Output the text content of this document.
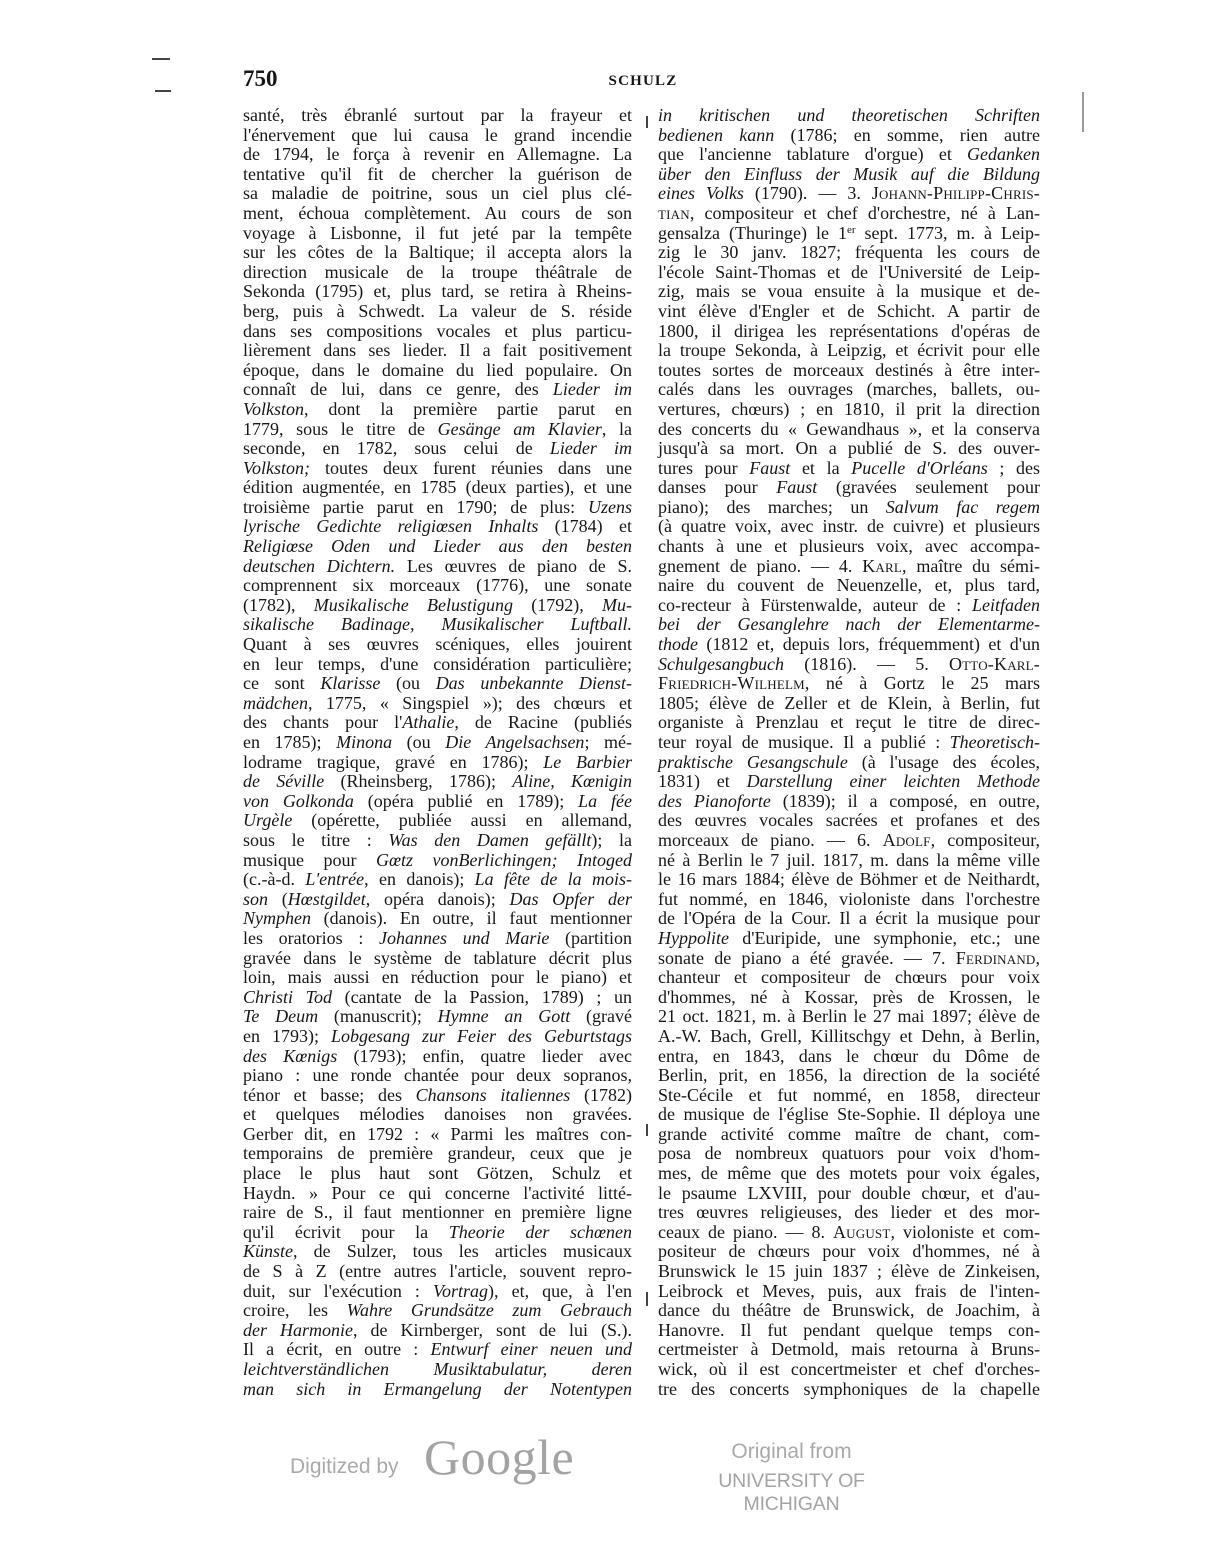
750	SCHULZ
santé, très ébranlé surtout par la frayeur et
l'énervement que lui causa le grand incendie
de 1794, le força à revenir en Allemagne. La
tentative qu'il fit de chercher la guérison de
sa maladie de poitrine, sous un ciel plus clé-
ment, échoua complètement. Au cours de son
voyage à Lisbonne, il fut jeté par la tempête
sur les côtes de la Baltique; il accepta alors la
direction musicale de la troupe théâtrale de
Sekonda (1795) et, plus tard, se retira à Rheins-
berg, puis à Schwedt. La valeur de S. réside
dans ses compositions vocales et plus particu-
lièrement dans ses lieder. Il a fait positivement
époque, dans le domaine du lied populaire. On
connaît de lui, dans ce genre, des Lieder im
Volkston, dont la première partie parut en
1779, sous le titre de Gesänge am Klavier, la
seconde, en 1782, sous celui de Lieder im
Volkston; toutes deux furent réunies dans une
édition augmentée, en 1785 (deux parties), et une
troisième partie parut en 1790; de plus: Uzens
lyrische Gedichte religiœsen Inhalts (1784) et
Religiœse Oden und Lieder aus den besten
deutschen Dichtern. Les œuvres de piano de S.
comprennent six morceaux (1776), une sonate
(1782), Musikalische Belustigung (1792), Mu-
sikalische Badinage, Musikalischer Luftball.
Quant à ses œuvres scéniques, elles jouirent
en leur temps, d'une considération particulière;
ce sont Klarisse (ou Das unbekannte Dienst-
mädchen, 1775, « Singspiel »); des chœurs et
des chants pour l'Athalie, de Racine (publiés
en 1785); Minona (ou Die Angelsachsen; mé-
lodrame tragique, gravé en 1786); Le Barbier
de Séville (Rheinsberg, 1786); Aline, Kœnigin
von Golkonda (opéra publié en 1789); La fée
Urgèle (opérette, publiée aussi en allemand,
sous le titre : Was den Damen gefällt); la
musique pour Gœtz vonBerlichingen; Intoged
(c.-à-d. L'entrée, en danois); La fête de la mois-
son (Hœstgildet, opéra danois); Das Opfer der
Nymphen (danois). En outre, il faut mentionner
les oratorios : Johannes und Marie (partition
gravée dans le système de tablature décrit plus
loin, mais aussi en réduction pour le piano) et
Christi Tod (cantate de la Passion, 1789) ; un
Te Deum (manuscrit); Hymne an Gott (gravé
en 1793); Lobgesang zur Feier des Geburtstags
des Kœnigs (1793); enfin, quatre lieder avec
piano : une ronde chantée pour deux sopranos,
ténor et basse; des Chansons italiennes (1782)
et quelques mélodies danoises non gravées.
Gerber dit, en 1792 : « Parmi les maîtres con-
temporains de première grandeur, ceux que je
place le plus haut sont Götzen, Schulz et
Haydn. » Pour ce qui concerne l'activité litté-
raire de S., il faut mentionner en première ligne
qu'il écrivit pour la Theorie der schœnen
Künste, de Sulzer, tous les articles musicaux
de S à Z (entre autres l'article, souvent repro-
duit, sur l'exécution : Vortrag), et, que, à l'en
croire, les Wahre Grundsätze zum Gebrauch
der Harmonie, de Kirnberger, sont de lui (S.).
Il a écrit, en outre : Entwurf einer neuen und
leichtverständlichen Musiktabulatur, deren
man sich in Ermangelung der Notentypen
in kritischen und theoretischen Schriften
bedienen kann (1786; en somme, rien autre
que l'ancienne tablature d'orgue) et Gedanken
über den Einfluss der Musik auf die Bildung
eines Volks (1790). — 3. Johann-Philipp-Chris-
tian, compositeur et chef d'orchestre, né à Lan-
gensalza (Thuringe) le 1er sept. 1773, m. à Leip-
zig le 30 janv. 1827; fréquenta les cours de
l'école Saint-Thomas et de l'Université de Leip-
zig, mais se voua ensuite à la musique et de-
vint élève d'Engler et de Schicht. A partir de
1800, il dirigea les représentations d'opéras de
la troupe Sekonda, à Leipzig, et écrivit pour elle
toutes sortes de morceaux destinés à être inter-
calés dans les ouvrages (marches, ballets, ou-
vertures, chœurs) ; en 1810, il prit la direction
des concerts du « Gewandhaus », et la conserva
jusqu'à sa mort. On a publié de S. des ouver-
tures pour Faust et la Pucelle d'Orléans ; des
danses pour Faust (gravées seulement pour
piano); des marches; un Salvum fac regem
(à quatre voix, avec instr. de cuivre) et plusieurs
chants à une et plusieurs voix, avec accompa-
gnement de piano. — 4. Karl, maître du sémi-
naire du couvent de Neuenzelle, et, plus tard,
co-recteur à Fürstenwalde, auteur de : Leitfaden
bei der Gesanglehre nach der Elementarme-
thode (1812 et, depuis lors, fréquemment) et d'un
Schulgesangbuch (1816). — 5. Otto-Karl-
Friedrich-Wilhelm, né à Gortz le 25 mars
1805; élève de Zeller et de Klein, à Berlin, fut
organiste à Prenzlau et reçut le titre de direc-
teur royal de musique. Il a publié : Theoretisch-
praktische Gesangschule (à l'usage des écoles,
1831) et Darstellung einer leichten Methode
des Pianoforte (1839); il a composé, en outre,
des œuvres vocales sacrées et profanes et des
morceaux de piano. — 6. Adolf, compositeur,
né à Berlin le 7 juil. 1817, m. dans la même ville
le 16 mars 1884; élève de Böhmer et de Neithardt,
fut nommé, en 1846, violoniste dans l'orchestre
de l'Opéra de la Cour. Il a écrit la musique pour
Hyppolite d'Euripide, une symphonie, etc.; une
sonate de piano a été gravée. — 7. Ferdinand,
chanteur et compositeur de chœurs pour voix
d'hommes, né à Kossar, près de Krossen, le
21 oct. 1821, m. à Berlin le 27 mai 1897; élève de
A.-W. Bach, Grell, Killitschgy et Dehn, à Berlin,
entra, en 1843, dans le chœur du Dôme de
Berlin, prit, en 1856, la direction de la société
Ste-Cécile et fut nommé, en 1858, directeur
de musique de l'église Ste-Sophie. Il déploya une
grande activité comme maître de chant, com-
posa de nombreux quatuors pour voix d'hom-
mes, de même que des motets pour voix égales,
le psaume LXVIII, pour double chœur, et d'au-
tres œuvres religieuses, des lieder et des mor-
ceaux de piano. — 8. August, violoniste et com-
positeur de chœurs pour voix d'hommes, né à
Brunswick le 15 juin 1837 ; élève de Zinkeisen,
Leibrock et Meves, puis, aux frais de l'inten-
dance du théâtre de Brunswick, de Joachim, à
Hanovre. Il fut pendant quelque temps con-
certmeister à Detmold, mais retourna à Bruns-
wick, où il est concertmeister et chef d'orches-
tre des concerts symphoniques de la chapelle
Digitized by Google	Original from
UNIVERSITY OF MICHIGAN
